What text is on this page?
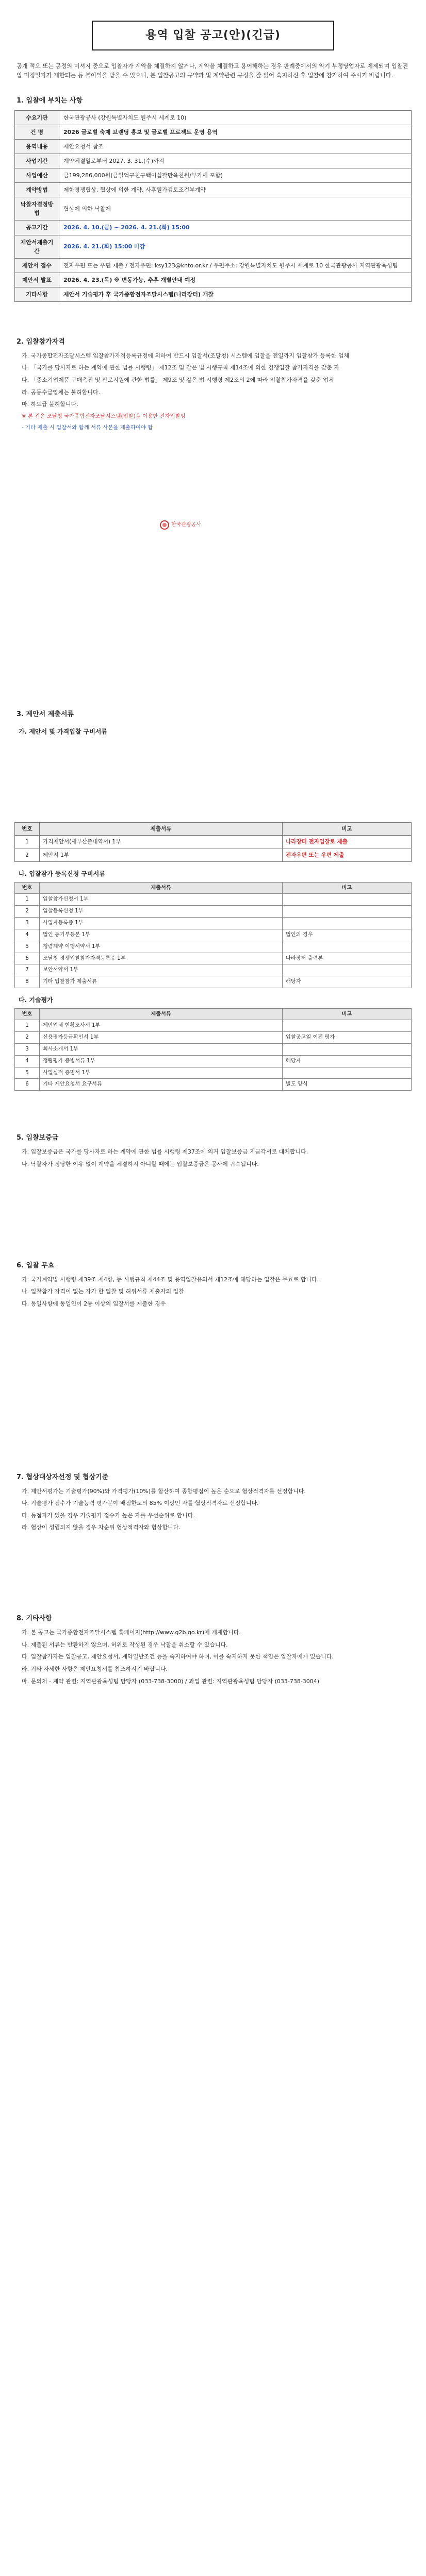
용역 입찰 공고(안)(긴급)

공개 적오 또는 공정의 미셔지 중으로 입찰자가 계약을 체결하지 않거나, 계약을 체결하고 용어해하는 경우 판례중에서의 악기 부정당업자로 제제되며 입찰진입 미정일자가 제한되는 등 불이익을 받을 수 있으니, 본 입찰공고의 규약과 및 계약관련 규정을 잘 읽어 숙지하신 후 입찰에 참가하여 주시기 바랍니다.

1. 입찰에 부치는 사항
수요기관	한국관광공사 (강원특별자치도 원주시 세계로 10)
건 명	2026 글로벌 축제 브랜딩 홍보 및 글로벌 프로젝트 운영 용역
용역내용	제안요청서 참조
사업기간	계약체결일로부터 2027. 3. 31.(수)까지
사업예산	금199,286,000원(금일억구천구백이십팔만육천원/부가세 포함)
계약방법	제한경쟁협상, 협상에 의한 계약, 사후원가검토조건부계약
낙찰자결정방법	협상에 의한 낙찰제
공고기간	2026. 4. 10.(금) ~ 2026. 4. 21.(화) 15:00
제안서제출기간	2026. 4. 21.(화) 15:00 마감
제안서 접수	전자우편 또는 우편 제출 / 전자우편: ksy123@knto.or.kr / 우편주소: 강원특별자치도 원주시 세계로 10 한국관광공사 지역관광육성팀
제안서 발표	2026. 4. 23.(목) ※ 변동가능, 추후 개별안내 예정
기타사항	제안서 기술평가 후 국가종합전자조달시스템(나라장터) 개찰
한국관광공사
2. 입찰참가자격

가. 국가종합전자조달시스템 입찰참가자격등록규정에 의하여 반드시 입찰서(조달청) 시스템에 입찰을 전일까지 입찰참가 등록한 업체

나. 「국가를 당사자로 하는 계약에 관한 법률 시행령」 제12조 및 같은 법 시행규칙 제14조에 의한 경쟁입찰 참가자격을 갖춘 자

다. 「중소기업제품 구매촉진 및 판로지원에 관한 법률」 제9조 및 같은 법 시행령 제2조의 2에 따라 입찰참가자격을 갖춘 업체

라. 공동수급업체는 불허합니다.

마. 하도급 불허합니다.

※ 본 건은 조달청 국가종합전자조달시스템(입찰)을 이용한 전자입찰임

- 기타 제출 시 입찰서와 함께 서류 사본을 제출하여야 함

3. 제안서 제출서류
가. 제안서 및 가격입찰 구비서류
번호	제출서류	비고
1	가격제안서(세부산출내역서) 1부	나라장터 전자입찰로 제출
2	제안서 1부	전자우편 또는 우편 제출
나. 입찰참가 등록신청 구비서류
번호	제출서류	비고
1	입찰참가신청서 1부	
2	입찰등록신청 1부	
3	사업자등록증 1부	
4	법인 등기부등본 1부	법인의 경우
5	청렴계약 이행서약서 1부	
6	조달청 경쟁입찰참가자격등록증 1부	나라장터 출력본
7	보안서약서 1부	
8	기타 입찰참가 제출서류	해당자
다. 기술평가
번호	제출서류	비고
1	제안업체 현황조사서 1부	
2	신용평가등급확인서 1부	입찰공고일 이전 평가
3	회사소개서 1부	
4	정량평가 증빙서류 1부	해당자
5	사업실적 증명서 1부	
6	기타 제안요청서 요구서류	별도 양식
5. 입찰보증금

가. 입찰보증금은 국가를 당사자로 하는 계약에 관한 법률 시행령 제37조에 의거 입찰보증금 지급각서로 대체합니다.

나. 낙찰자가 정당한 이유 없이 계약을 체결하지 아니할 때에는 입찰보증금은 공사에 귀속됩니다.

6. 입찰 무효

가. 국가계약법 시행령 제39조 제4항, 동 시행규칙 제44조 및 용역입찰유의서 제12조에 해당하는 입찰은 무효로 합니다.

나. 입찰참가 자격이 없는 자가 한 입찰 및 허위서류 제출자의 입찰

다. 동일사항에 동일인이 2통 이상의 입찰서를 제출한 경우

7. 협상대상자선정 및 협상기준

가. 제안서평가는 기술평가(90%)와 가격평가(10%)를 합산하여 종합평점이 높은 순으로 협상적격자를 선정합니다.

나. 기술평가 점수가 기술능력 평가분야 배점한도의 85% 이상인 자를 협상적격자로 선정합니다.

다. 동점자가 있을 경우 기술평가 점수가 높은 자를 우선순위로 합니다.

라. 협상이 성립되지 않을 경우 차순위 협상적격자와 협상합니다.

8. 기타사항

가. 본 공고는 국가종합전자조달시스템 홈페이지(http://www.g2b.go.kr)에 게재합니다.

나. 제출된 서류는 반환하지 않으며, 허위로 작성된 경우 낙찰을 취소할 수 있습니다.

다. 입찰참가자는 입찰공고, 제안요청서, 계약일반조건 등을 숙지하여야 하며, 이를 숙지하지 못한 책임은 입찰자에게 있습니다.

라. 기타 자세한 사항은 제안요청서를 참조하시기 바랍니다.

마. 문의처 - 계약 관련: 지역관광육성팀 담당자 (033-738-3000) / 과업 관련: 지역관광육성팀 담당자 (033-738-3004)
